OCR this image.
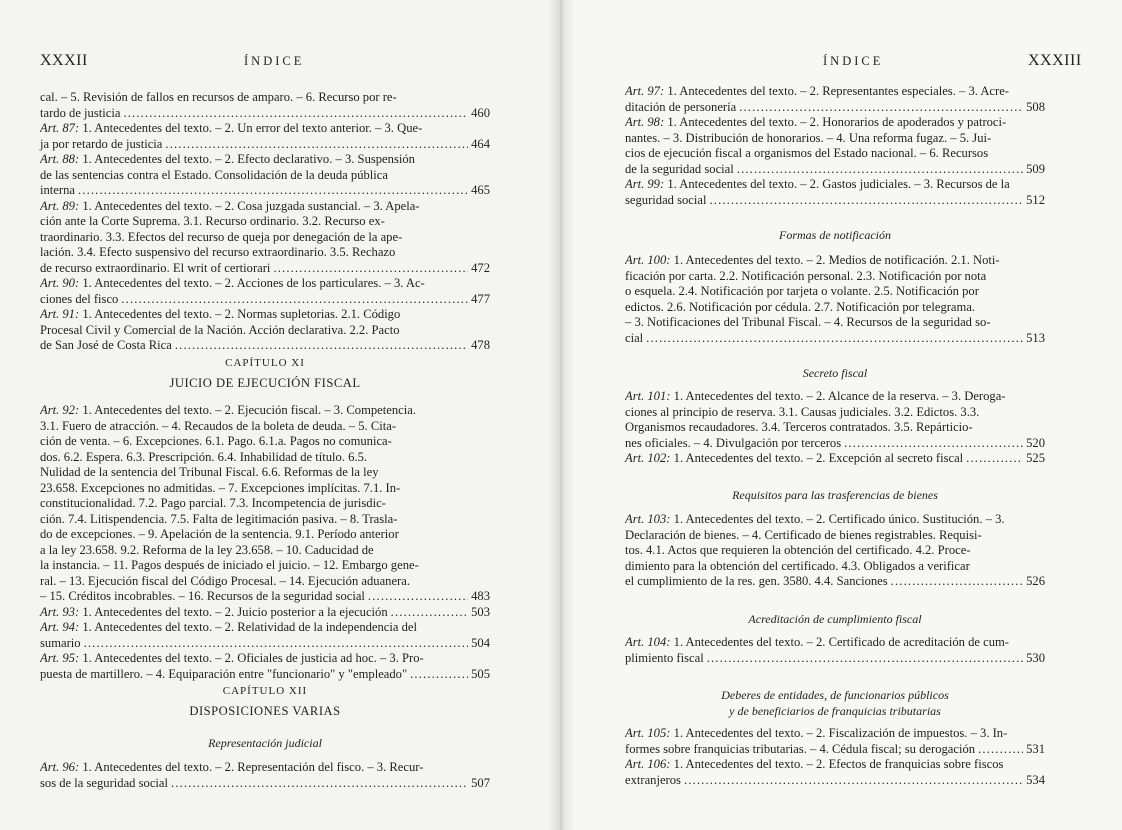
XXXII	ÍNDICE
cal. – 5. Revisión de fallos en recursos de amparo. – 6. Recurso por re-
tardo de justicia . . .	460
Art. 87: 1. Antecedentes del texto. – 2. Un error del texto anterior. – 3. Que-
ja por retardo de justicia . . .	464
Art. 88: 1. Antecedentes del texto. – 2. Efecto declarativo. – 3. Suspensión
de las sentencias contra el Estado. Consolidación de la deuda pública
interna . . .	465
Art. 89: 1. Antecedentes del texto. – 2. Cosa juzgada sustancial. – 3. Apela-
ción ante la Corte Suprema. 3.1. Recurso ordinario. 3.2. Recurso ex-
traordinario. 3.3. Efectos del recurso de queja por denegación de la ape-
lación. 3.4. Efecto suspensivo del recurso extraordinario. 3.5. Rechazo
de recurso extraordinario. El writ of certiorari . . .	472
Art. 90: 1. Antecedentes del texto. – 2. Acciones de los particulares. – 3. Ac-
ciones del fisco . . .	477
Art. 91: 1. Antecedentes del texto. – 2. Normas supletorias. 2.1. Código
Procesal Civil y Comercial de la Nación. Acción declarativa. 2.2. Pacto
de San José de Costa Rica . . .	478

CAPÍTULO XI

JUICIO DE EJECUCIÓN FISCAL

Art. 92: 1. Antecedentes del texto. – 2. Ejecución fiscal. – 3. Competencia.
3.1. Fuero de atracción. – 4. Recaudos de la boleta de deuda. – 5. Cita-
ción de venta. – 6. Excepciones. 6.1. Pago. 6.1.a. Pagos no comunica-
dos. 6.2. Espera. 6.3. Prescripción. 6.4. Inhabilidad de título. 6.5.
Nulidad de la sentencia del Tribunal Fiscal. 6.6. Reformas de la ley
23.658. Excepciones no admitidas. – 7. Excepciones implícitas. 7.1. In-
constitucionalidad. 7.2. Pago parcial. 7.3. Incompetencia de jurisdic-
ción. 7.4. Litispendencia. 7.5. Falta de legitimación pasiva. – 8. Trasla-
do de excepciones. – 9. Apelación de la sentencia. 9.1. Período anterior
a la ley 23.658. 9.2. Reforma de la ley 23.658. – 10. Caducidad de
la instancia. – 11. Pagos después de iniciado el juicio. – 12. Embargo gene-
ral. – 13. Ejecución fiscal del Código Procesal. – 14. Ejecución aduanera.
– 15. Créditos incobrables. – 16. Recursos de la seguridad social . . .	483
Art. 93: 1. Antecedentes del texto. – 2. Juicio posterior a la ejecución . . .	503
Art. 94: 1. Antecedentes del texto. – 2. Relatividad de la independencia del
sumario . . .	504
Art. 95: 1. Antecedentes del texto. – 2. Oficiales de justicia ad hoc. – 3. Pro-
puesta de martillero. – 4. Equiparación entre "funcionario" y "empleado" . . .	505

CAPÍTULO XII

DISPOSICIONES VARIAS

Representación judicial

Art. 96: 1. Antecedentes del texto. – 2. Representación del fisco. – 3. Recur-
sos de la seguridad social . . .	507
ÍNDICE	XXXIII
Art. 97: 1. Antecedentes del texto. – 2. Representantes especiales. – 3. Acre-
ditación de personería . . .	508
Art. 98: 1. Antecedentes del texto. – 2. Honorarios de apoderados y patroci-
nantes. – 3. Distribución de honorarios. – 4. Una reforma fugaz. – 5. Jui-
cios de ejecución fiscal a organismos del Estado nacional. – 6. Recursos
de la seguridad social . . .	509
Art. 99: 1. Antecedentes del texto. – 2. Gastos judiciales. – 3. Recursos de la
seguridad social . . .	512

Formas de notificación

Art. 100: 1. Antecedentes del texto. – 2. Medios de notificación. 2.1. Noti-
ficación por carta. 2.2. Notificación personal. 2.3. Notificación por nota
o esquela. 2.4. Notificación por tarjeta o volante. 2.5. Notificación por
edictos. 2.6. Notificación por cédula. 2.7. Notificación por telegrama.
– 3. Notificaciones del Tribunal Fiscal. – 4. Recursos de la seguridad so-
cial . . .	513

Secreto fiscal

Art. 101: 1. Antecedentes del texto. – 2. Alcance de la reserva. – 3. Deroga-
ciones al principio de reserva. 3.1. Causas judiciales. 3.2. Edictos. 3.3.
Organismos recaudadores. 3.4. Terceros contratados. 3.5. Repárticio-
nes oficiales. – 4. Divulgación por terceros . . .	520
Art. 102: 1. Antecedentes del texto. – 2. Excepción al secreto fiscal . . .	525

Requisitos para las trasferencias de bienes

Art. 103: 1. Antecedentes del texto. – 2. Certificado único. Sustitución. – 3.
Declaración de bienes. – 4. Certificado de bienes registrables. Requisi-
tos. 4.1. Actos que requieren la obtención del certificado. 4.2. Proce-
dimiento para la obtención del certificado. 4.3. Obligados a verificar
el cumplimiento de la res. gen. 3580. 4.4. Sanciones . . .	526

Acreditación de cumplimiento fiscal

Art. 104: 1. Antecedentes del texto. – 2. Certificado de acreditación de cum-
plimiento fiscal . . .	530

Deberes de entidades, de funcionarios públicos

y de beneficiarios de franquicias tributarias

Art. 105: 1. Antecedentes del texto. – 2. Fiscalización de impuestos. – 3. In-
formes sobre franquicias tributarias. – 4. Cédula fiscal; su derogación . . .	531
Art. 106: 1. Antecedentes del texto. – 2. Efectos de franquicias sobre fiscos
extranjeros . . .	534
